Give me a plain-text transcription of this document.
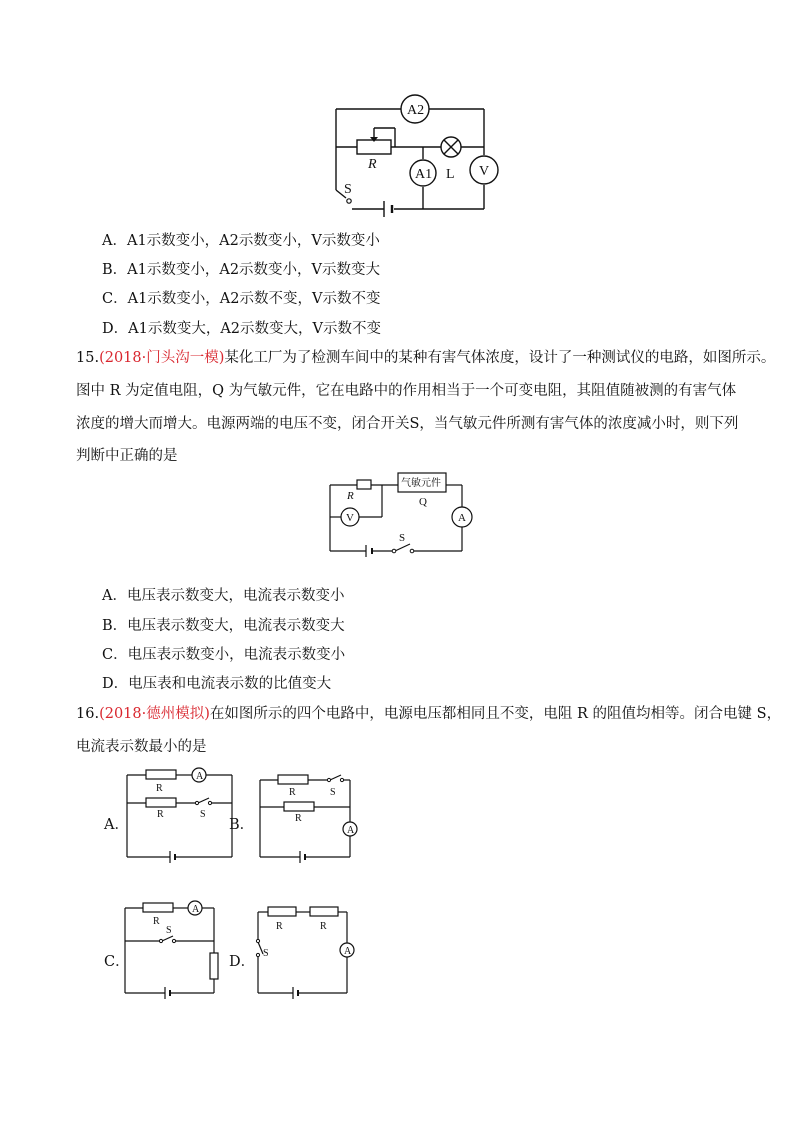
A2
R
A1 L V
S
A．A1示数变小，A2示数变小，V示数变小
B．A1示数变小，A2示数变小，V示数变大
C．A1示数变小，A2示数不变，V示数不变
D．A1示数变大，A2示数变大，V示数不变
15.(2018·门头沟一模)某化工厂为了检测车间中的某种有害气体浓度，设计了一种测试仪的电路，如图所示。
图中 R 为定值电阻，Q 为气敏元件，它在电路中的作用相当于一个可变电阻，其阻值随被测的有害气体
浓度的增大而增大。电源两端的电压不变，闭合开关S，当气敏元件所测有害气体的浓度减小时，则下列
判断中正确的是
R
气敏元件
Q
V	A
S
A．电压表示数变大，电流表示数变小
B．电压表示数变大，电流表示数变大
C．电压表示数变小，电流表示数变小
D．电压表和电流表示数的比值变大
16.(2018·德州模拟)在如图所示的四个电路中，电源电压都相同且不变，电阻 R 的阻值均相等。闭合电键 S，
电流表示数最小的是
A．	B．
C．	D．
R
A
R	S
R	S
R
A
R
A
S	R	R
A
S
